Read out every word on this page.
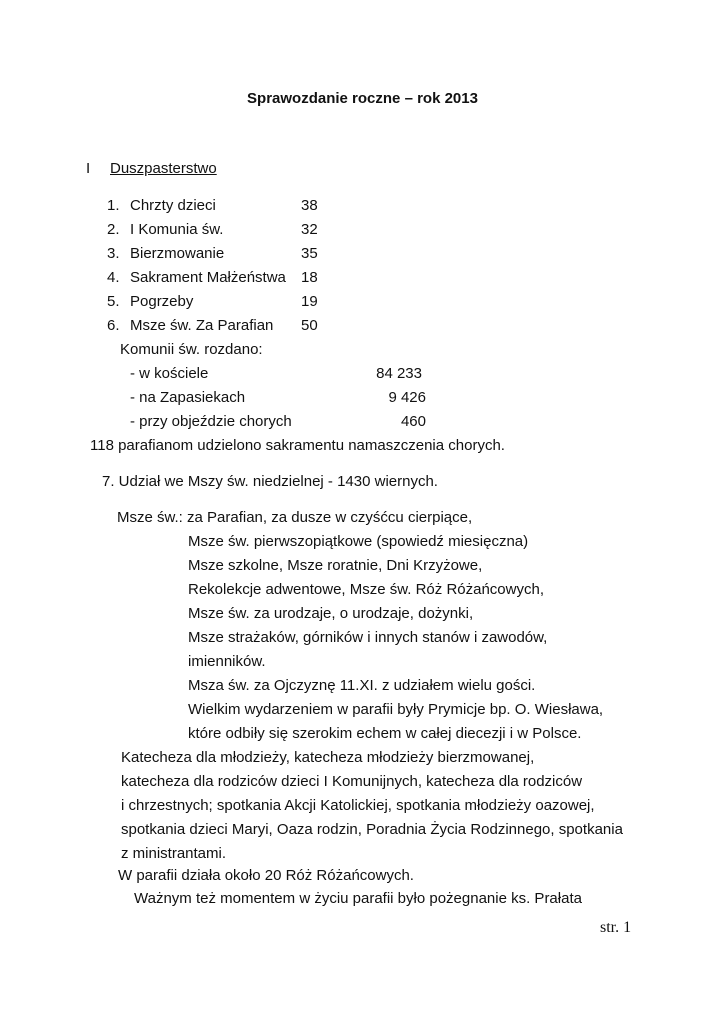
Sprawozdanie roczne – rok 2013
I Duszpasterstwo
1. Chrzty dzieci	38
2. I Komunia św.	32
3. Bierzmowanie	35
4. Sakrament Małżeństwa 18
5. Pogrzeby	19
6. Msze św. Za Parafian 50
Komunii św. rozdano:
- w kościele	84 233
- na Zapasiekach	9 426
- przy objeździe chorych	460
118 parafianom udzielono sakramentu namaszczenia chorych.
7. Udział we Mszy św. niedzielnej - 1430 wiernych.
Msze św.: za Parafian, za dusze w czyśćcu cierpiące,
Msze św. pierwszopiątkowe (spowiedź miesięczna)
Msze szkolne, Msze roratnie, Dni Krzyżowe,
Rekolekcje adwentowe, Msze św. Róż Różańcowych,
Msze św. za urodzaje, o urodzaje, dożynki,
Msze strażaków, górników i innych stanów i zawodów,
imienników.
Msza św. za Ojczyznę 11.XI. z udziałem wielu gości.
Wielkim wydarzeniem w parafii były Prymicje bp. O. Wiesława,
które odbiły się szerokim echem w całej diecezji i w Polsce.
Katecheza dla młodzieży, katecheza młodzieży bierzmowanej,
katecheza dla rodziców dzieci I Komunijnych, katecheza dla rodziców
i chrzestnych; spotkania Akcji Katolickiej, spotkania młodzieży oazowej,
spotkania dzieci Maryi, Oaza rodzin, Poradnia Życia Rodzinnego, spotkania
z ministrantami.
W parafii działa około 20 Róż Różańcowych.
Ważnym też momentem w życiu parafii było pożegnanie ks. Prałata
str. 1
